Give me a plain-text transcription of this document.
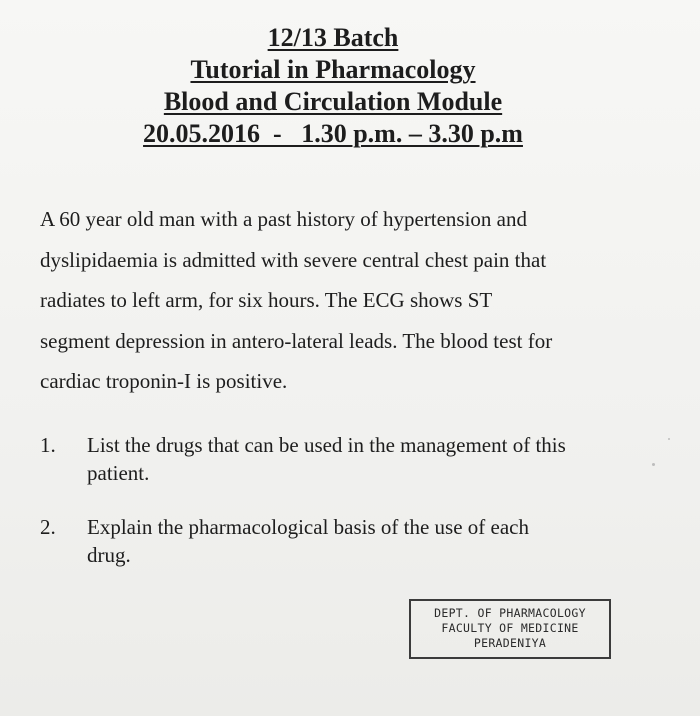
12/13 Batch
Tutorial in Pharmacology
Blood and Circulation Module
20.05.2016  -   1.30 p.m. – 3.30 p.m
A 60 year old man with a past history of hypertension and
dyslipidaemia is admitted with severe central chest pain that
radiates to left arm, for six hours. The ECG shows ST
segment depression in antero-lateral leads. The blood test for
cardiac troponin-I is positive.
1. List the drugs that can be used in the management of this
patient.
2. Explain the pharmacological basis of the use of each
drug.
DEPT. OF PHARMACOLOGY
FACULTY OF MEDICINE
PERADENIYA
